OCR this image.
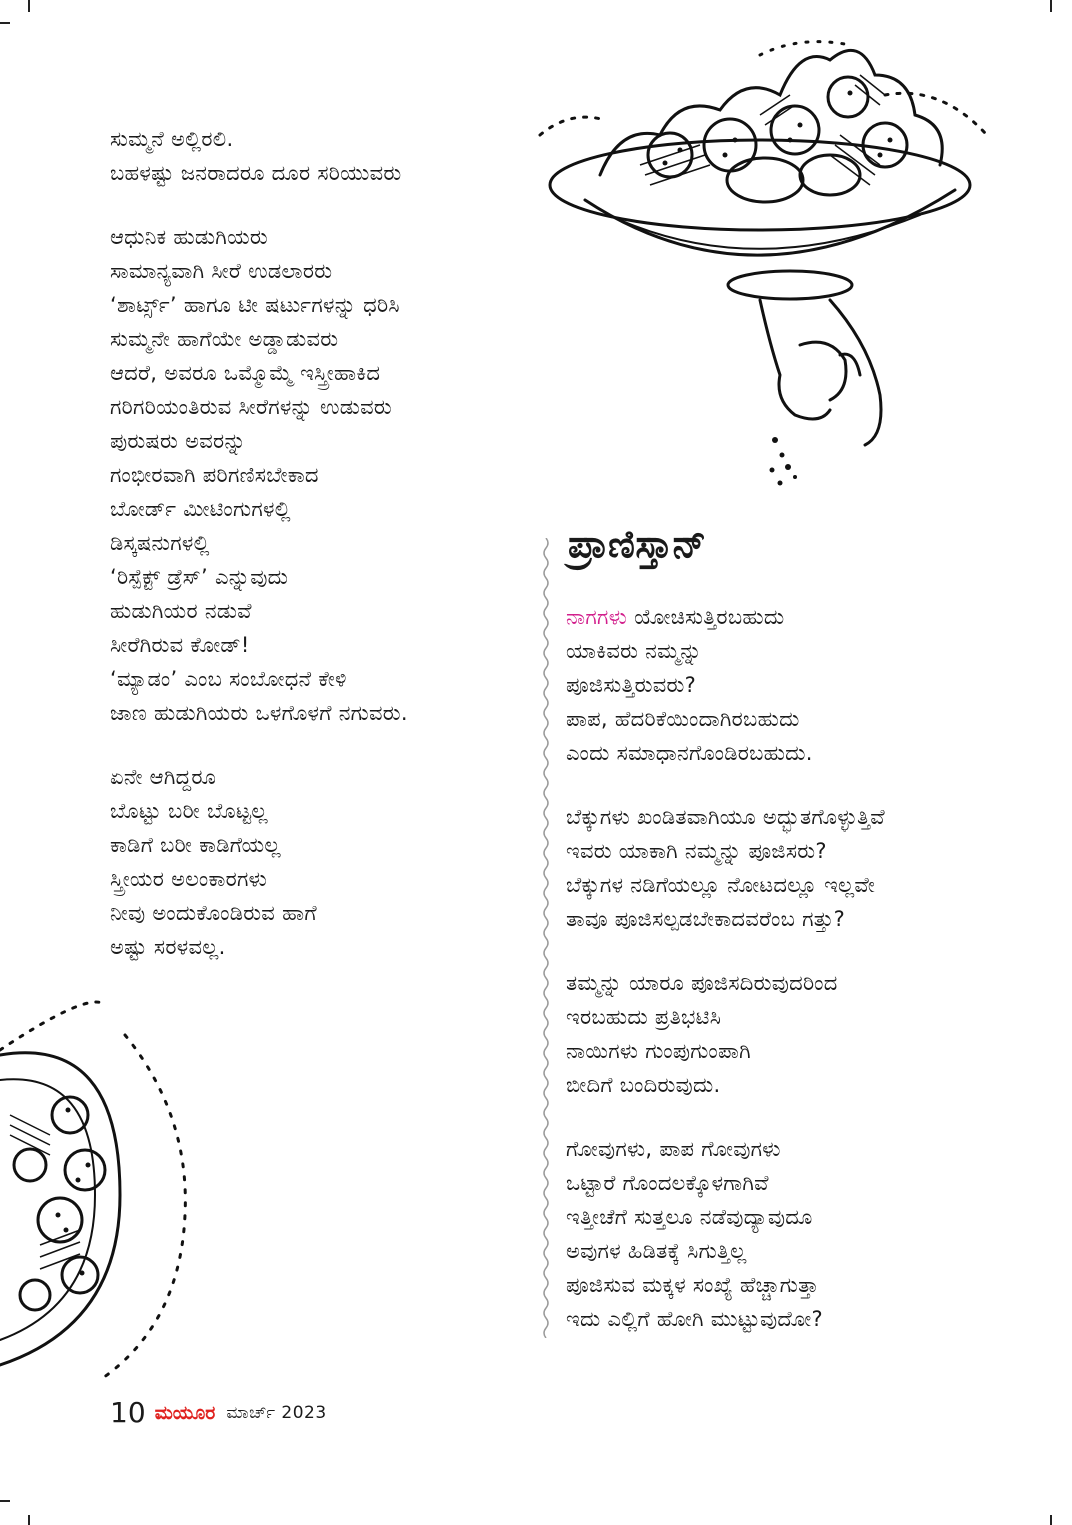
ಸುಮ್ಮನೆ ಅಲ್ಲಿರಲಿ.
ಬಹಳಷ್ಟು ಜನರಾದರೂ ದೂರ ಸರಿಯುವರು
ಆಧುನಿಕ ಹುಡುಗಿಯರು
ಸಾಮಾನ್ಯವಾಗಿ ಸೀರೆ ಉಡಲಾರರು
‘ಶಾರ್ಟ್ಸ್’ ಹಾಗೂ ಟೀ ಷರ್ಟುಗಳನ್ನು ಧರಿಸಿ
ಸುಮ್ಮನೇ ಹಾಗೆಯೇ ಅಡ್ಡಾಡುವರು
ಆದರೆ, ಅವರೂ ಒಮ್ಮೊಮ್ಮೆ ಇಸ್ತ್ರೀಹಾಕಿದ
ಗರಿಗರಿಯಂತಿರುವ ಸೀರೆಗಳನ್ನು ಉಡುವರು
ಪುರುಷರು ಅವರನ್ನು
ಗಂಭೀರವಾಗಿ ಪರಿಗಣಿಸಬೇಕಾದ
ಬೋರ್ಡ್ ಮೀಟಿಂಗುಗಳಲ್ಲಿ
ಡಿಸ್ಕಷನುಗಳಲ್ಲಿ
‘ರಿಸ್ಪೆಕ್ಟ್ ಡ್ರೆಸ್’ ಎನ್ನುವುದು
ಹುಡುಗಿಯರ ನಡುವೆ
ಸೀರೆಗಿರುವ ಕೋಡ್!
‘ಮ್ಯಾಡಂ’ ಎಂಬ ಸಂಬೋಧನೆ ಕೇಳಿ
ಜಾಣ ಹುಡುಗಿಯರು ಒಳಗೊಳಗೆ ನಗುವರು.
ಏನೇ ಆಗಿದ್ದರೂ
ಬೊಟ್ಟು ಬರೀ ಬೊಟ್ಟಲ್ಲ
ಕಾಡಿಗೆ ಬರೀ ಕಾಡಿಗೆಯಲ್ಲ
ಸ್ತ್ರೀಯರ ಅಲಂಕಾರಗಳು
ನೀವು ಅಂದುಕೊಂಡಿರುವ ಹಾಗೆ
ಅಷ್ಟು ಸರಳವಲ್ಲ.
ಪ್ರಾಣಿಸ್ತಾನ್
ನಾಗಗಳು ಯೋಚಿಸುತ್ತಿರಬಹುದು
ಯಾಕಿವರು ನಮ್ಮನ್ನು
ಪೂಜಿಸುತ್ತಿರುವರು?
ಪಾಪ, ಹೆದರಿಕೆಯಿಂದಾಗಿರಬಹುದು
ಎಂದು ಸಮಾಧಾನಗೊಂಡಿರಬಹುದು.
ಬೆಕ್ಕುಗಳು ಖಂಡಿತವಾಗಿಯೂ ಅದ್ಭುತಗೊಳ್ಳುತ್ತಿವೆ
ಇವರು ಯಾಕಾಗಿ ನಮ್ಮನ್ನು ಪೂಜಿಸರು?
ಬೆಕ್ಕುಗಳ ನಡಿಗೆಯಲ್ಲೂ ನೋಟದಲ್ಲೂ ಇಲ್ಲವೇ
ತಾವೂ ಪೂಜಿಸಲ್ಪಡಬೇಕಾದವರೆಂಬ ಗತ್ತು?
ತಮ್ಮನ್ನು ಯಾರೂ ಪೂಜಿಸದಿರುವುದರಿಂದ
ಇರಬಹುದು ಪ್ರತಿಭಟಿಸಿ
ನಾಯಿಗಳು ಗುಂಪುಗುಂಪಾಗಿ
ಬೀದಿಗೆ ಬಂದಿರುವುದು.
ಗೋವುಗಳು, ಪಾಪ ಗೋವುಗಳು
ಒಟ್ಟಾರೆ ಗೊಂದಲಕ್ಕೊಳಗಾಗಿವೆ
ಇತ್ತೀಚೆಗೆ ಸುತ್ತಲೂ ನಡೆವುದ್ಯಾವುದೂ
ಅವುಗಳ ಹಿಡಿತಕ್ಕೆ ಸಿಗುತ್ತಿಲ್ಲ
ಪೂಜಿಸುವ ಮಕ್ಕಳ ಸಂಖ್ಯೆ ಹೆಚ್ಚಾಗುತ್ತಾ
ಇದು ಎಲ್ಲಿಗೆ ಹೋಗಿ ಮುಟ್ಟುವುದೋ?
10 ಮಯೂರ ಮಾರ್ಚ್ 2023
